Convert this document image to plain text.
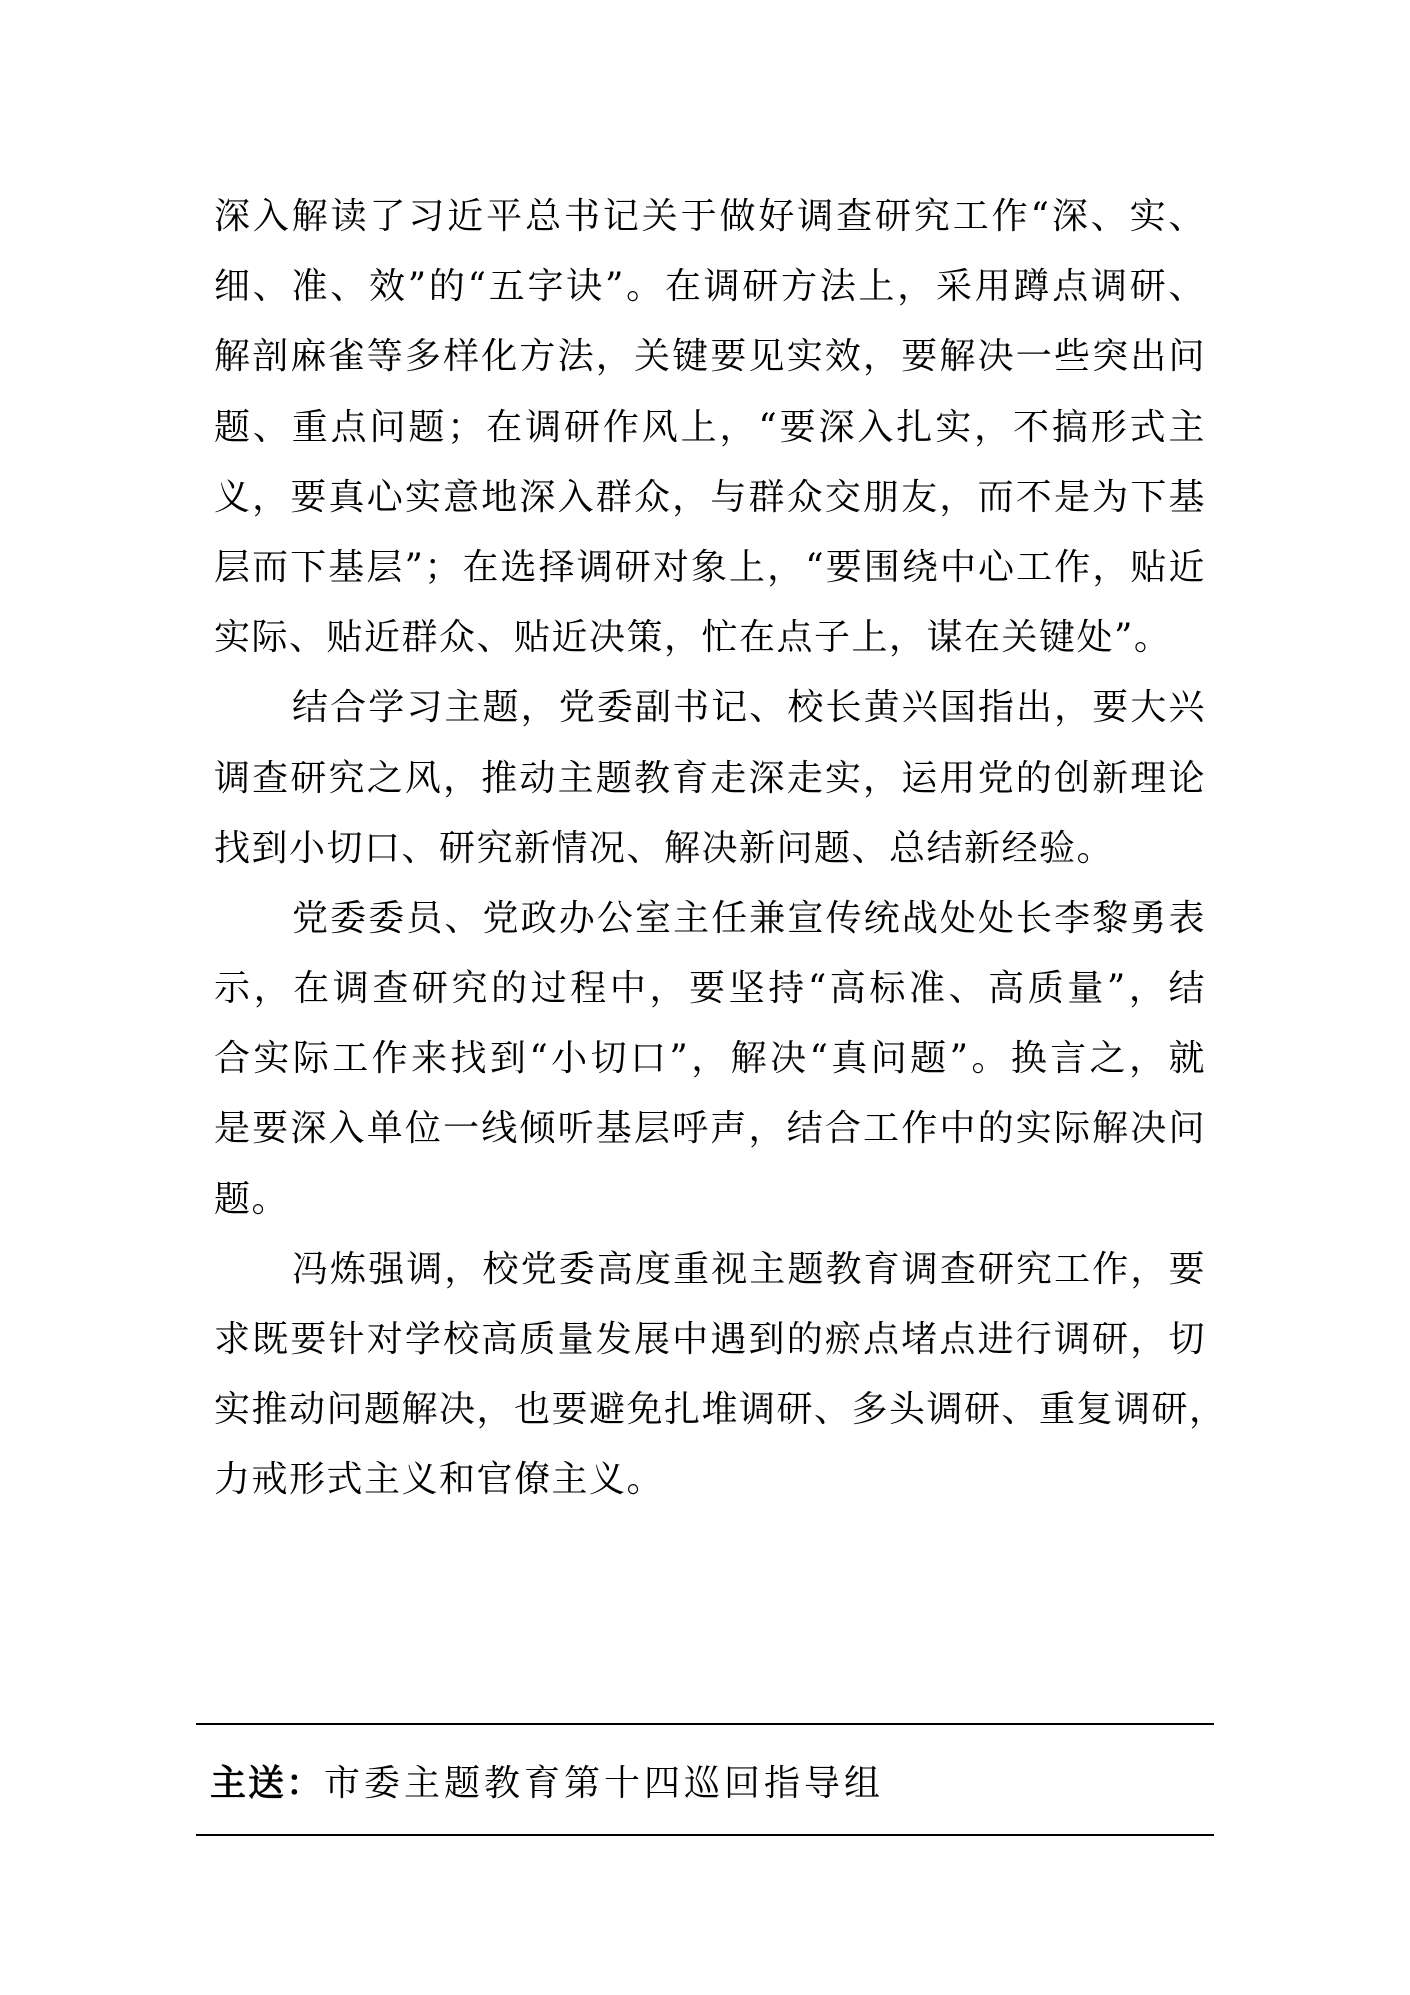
深入解读了习近平总书记关于做好调查研究工作“深、实、
细、准、效”的“五字诀”。在调研方法上，采用蹲点调研、
解剖麻雀等多样化方法，关键要见实效，要解决一些突出问
题、重点问题；在调研作风上，“要深入扎实，不搞形式主
义，要真心实意地深入群众，与群众交朋友，而不是为下基
层而下基层”；在选择调研对象上，“要围绕中心工作，贴近
实际、贴近群众、贴近决策，忙在点子上，谋在关键处”。
结合学习主题，党委副书记、校长黄兴国指出，要大兴
调查研究之风，推动主题教育走深走实，运用党的创新理论
找到小切口、研究新情况、解决新问题、总结新经验。
党委委员、党政办公室主任兼宣传统战处处长李黎勇表
示，在调查研究的过程中，要坚持“高标准、高质量”，结
合实际工作来找到“小切口”，解决“真问题”。换言之，就
是要深入单位一线倾听基层呼声，结合工作中的实际解决问
题。
冯炼强调，校党委高度重视主题教育调查研究工作，要
求既要针对学校高质量发展中遇到的瘀点堵点进行调研，切
实推动问题解决，也要避免扎堆调研、多头调研、重复调研，
力戒形式主义和官僚主义。
主送：市委主题教育第十四巡回指导组
